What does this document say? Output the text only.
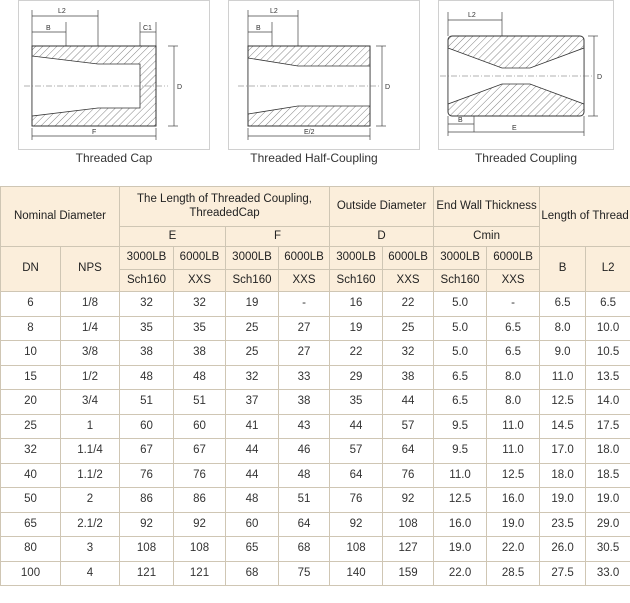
L2
B	C1
D
F
Threaded Cap
L2
B
D
E/2
Threaded Half-Coupling
L2
D
B
E
Threaded Coupling
Nominal Diameter		The Length of Threaded Coupling, ThreadedCap				Outside Diameter		End Wall Thickness		Length of Thread	
		E		F		D		Cmin			
DN	NPS	3000LB	6000LB	3000LB	6000LB	3000LB	6000LB	3000LB	6000LB	B	L2
		Sch160	XXS	Sch160	XXS	Sch160	XXS	Sch160	XXS		
6	1/8	32	32	19	-	16	22	5.0	-	6.5	6.5
8	1/4	35	35	25	27	19	25	5.0	6.5	8.0	10.0
10	3/8	38	38	25	27	22	32	5.0	6.5	9.0	10.5
15	1/2	48	48	32	33	29	38	6.5	8.0	11.0	13.5
20	3/4	51	51	37	38	35	44	6.5	8.0	12.5	14.0
25	1	60	60	41	43	44	57	9.5	11.0	14.5	17.5
32	1.1/4	67	67	44	46	57	64	9.5	11.0	17.0	18.0
40	1.1/2	76	76	44	48	64	76	11.0	12.5	18.0	18.5
50	2	86	86	48	51	76	92	12.5	16.0	19.0	19.0
65	2.1/2	92	92	60	64	92	108	16.0	19.0	23.5	29.0
80	3	108	108	65	68	108	127	19.0	22.0	26.0	30.5
100	4	121	121	68	75	140	159	22.0	28.5	27.5	33.0
